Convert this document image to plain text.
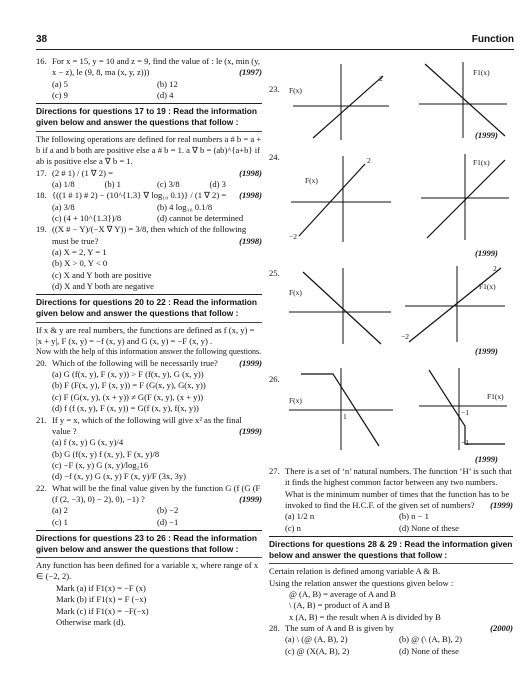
38	Function
16. For x = 15, y = 10 and z = 9, find the value of : le (x, min (y, x − z), le (9, 8, ma (x, y, z)))	(1997)
(a) 5	(b) 12
(c) 9	(d) 4
Directions for questions 17 to 19 : Read the information given below and answer the questions that follow :
The following operations are defined for real numbers a # b = a + b if a and b both are positive else a # b = 1. a ∇ b = (ab)^{a+b} if ab is positive else a ∇ b = 1.
17. (2 # 1) / (1 ∇ 2) =	(1998)
(a) 1/8	(b) 1	(c) 3/8	(d) 3
18. {((1 # 1) # 2) − (10^{1.3} ∇ log₁₀ 0.1)} / (1 ∇ 2) = (1998)
(a) 3/8	(b) 4 log₁₀ 0.1/8
(c) (4 + 10^{1.3})/8	(d) cannot be determined
19. ((X # − Y)/(−X ∇ Y)) = 3/8, then which of the following must be true?	(1998)
(a) X = 2, Y = 1
(b) X > 0, Y < 0
(c) X and Y both are positive
(d) X and Y both are negative
Directions for questions 20 to 22 : Read the information given below and answer the questions that follow :
If x & y are real numbers, the functions are defined as f (x, y) = |x + y|, F (x, y) = −f (x, y) and G (x, y) = −F (x, y) .
Now with the help of this information answer the following questions.
20. Which of the following will be necessarily true? (1999)
(a) G (f(x, y), F (x, y)) > F (f(x, y), G (x, y))
(b) F (F(x, y), F (x, y)) = F (G(x, y), G(x, y))
(c) F (G(x, y), (x + y)) ≠ G(F (x, y), (x + y))
(d) f (f (x, y), F (x, y)) = G(f (x, y), f(x, y))
21. If y = x, which of the following will give x² as the final value ?	(1999)
(a) f (x, y) G (x, y)/4
(b) G (f(x, y) f (x, y), F (x, y)/8
(c) −F (x, y) G (x, y)/log₂16
(d) −f (x, y) G (x, y) F (x, y)/F (3x, 3y)
22. What will be the final value given by the function G (f (G (F (f (2, −3), 0) − 2), 0), −1) ?	(1999)
(a) 2	(b) −2
(c) 1	(d) −1
Directions for questions 23 to 26 : Read the information given below and answer the questions that follow :
Any function has been defined for a variable x, where range of x ∈ (−2, 2).
Mark (a) if F1(x) = −F (x)
Mark (b) if F1(x) = F (−x)
Mark (c) if F1(x) = −F(−x)
Otherwise mark (d).
23. F(x)
2
F1(x)
(1999)
24.
F(x)
2
−2
F1(x)
(1999)
25.
F(x)
2
F1(x)
−2
(1999)
26.
F(x)
1
F1(x)
−1
−1
(1999)
27. There is a set of ‘n’ natural numbers. The function ‘H’ is such that it finds the highest common factor between any two numbers. What is the minimum number of times that the function has to be invoked to find the H.C.F. of the given set of numbers? (1999)
(a) 1/2 n	(b) n − 1
(c) n	(d) None of these
Directions for questions 28 & 29 : Read the information given below and answer the questions that follow :
Certain relation is defined among variable A & B.
Using the relation answer the questions given below :
@ (A, B) = average of A and B
\ (A, B) = product of A and B
x (A, B) = the result when A is divided by B
28. The sum of A and B is given by	(2000)
(a) \ (@ (A, B), 2)	(b) @ (\ (A, B), 2)
(c) @ (X(A, B), 2)	(d) None of these
